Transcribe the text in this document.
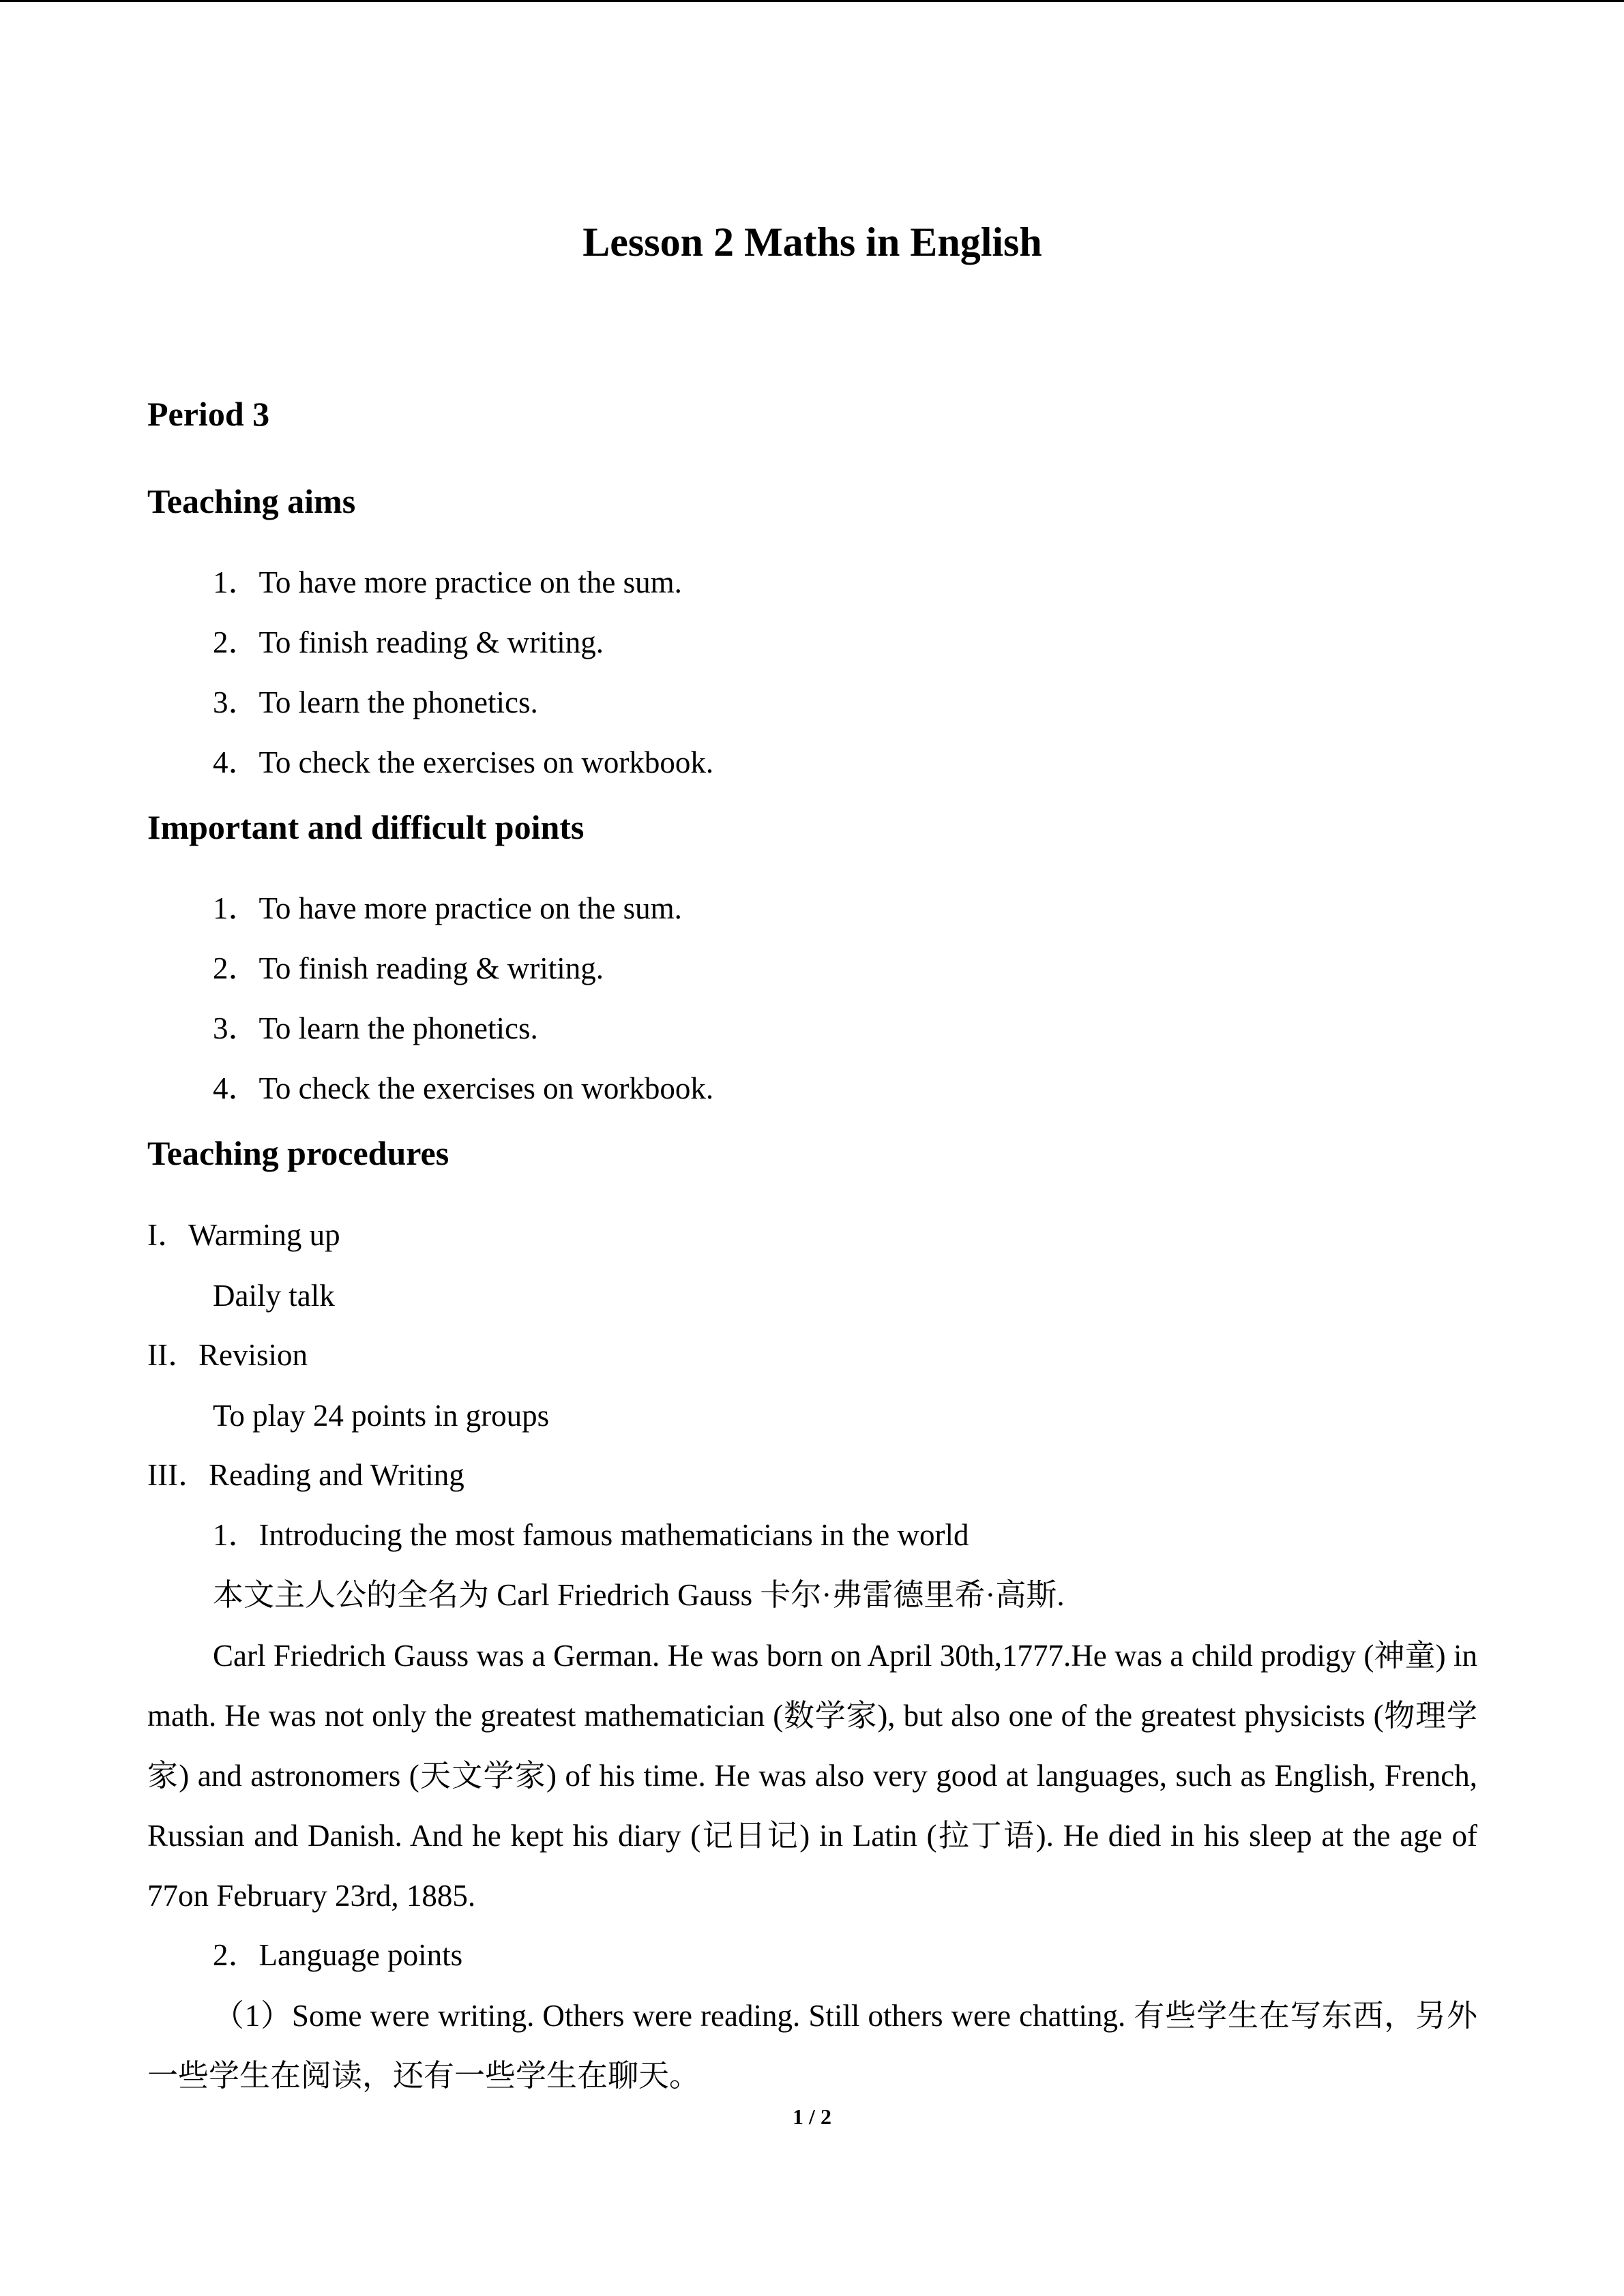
Lesson 2 Maths in English
Period 3
Teaching aims
1．To have more practice on the sum.
2．To finish reading & writing.
3．To learn the phonetics.
4．To check the exercises on workbook.
Important and difficult points
1．To have more practice on the sum.
2．To finish reading & writing.
3．To learn the phonetics.
4．To check the exercises on workbook.
Teaching procedures
I．Warming up
Daily talk
II．Revision
To play 24 points in groups
III．Reading and Writing
1．Introducing the most famous mathematicians in the world
本文主人公的全名为 Carl Friedrich Gauss 卡尔·弗雷德里希·高斯.
Carl Friedrich Gauss was a German. He was born on April 30th,1777.He was a child prodigy (神童) in math. He was not only the greatest mathematician (数学家), but also one of the greatest physicists (物理学家) and astronomers (天文学家) of his time. He was also very good at languages, such as English, French, Russian and Danish. And he kept his diary (记日记) in Latin (拉丁语). He died in his sleep at the age of 77on February 23rd, 1885.
2．Language points
（1）Some were writing. Others were reading. Still others were chatting. 有些学生在写东西，另外一些学生在阅读，还有一些学生在聊天。
1 / 2
